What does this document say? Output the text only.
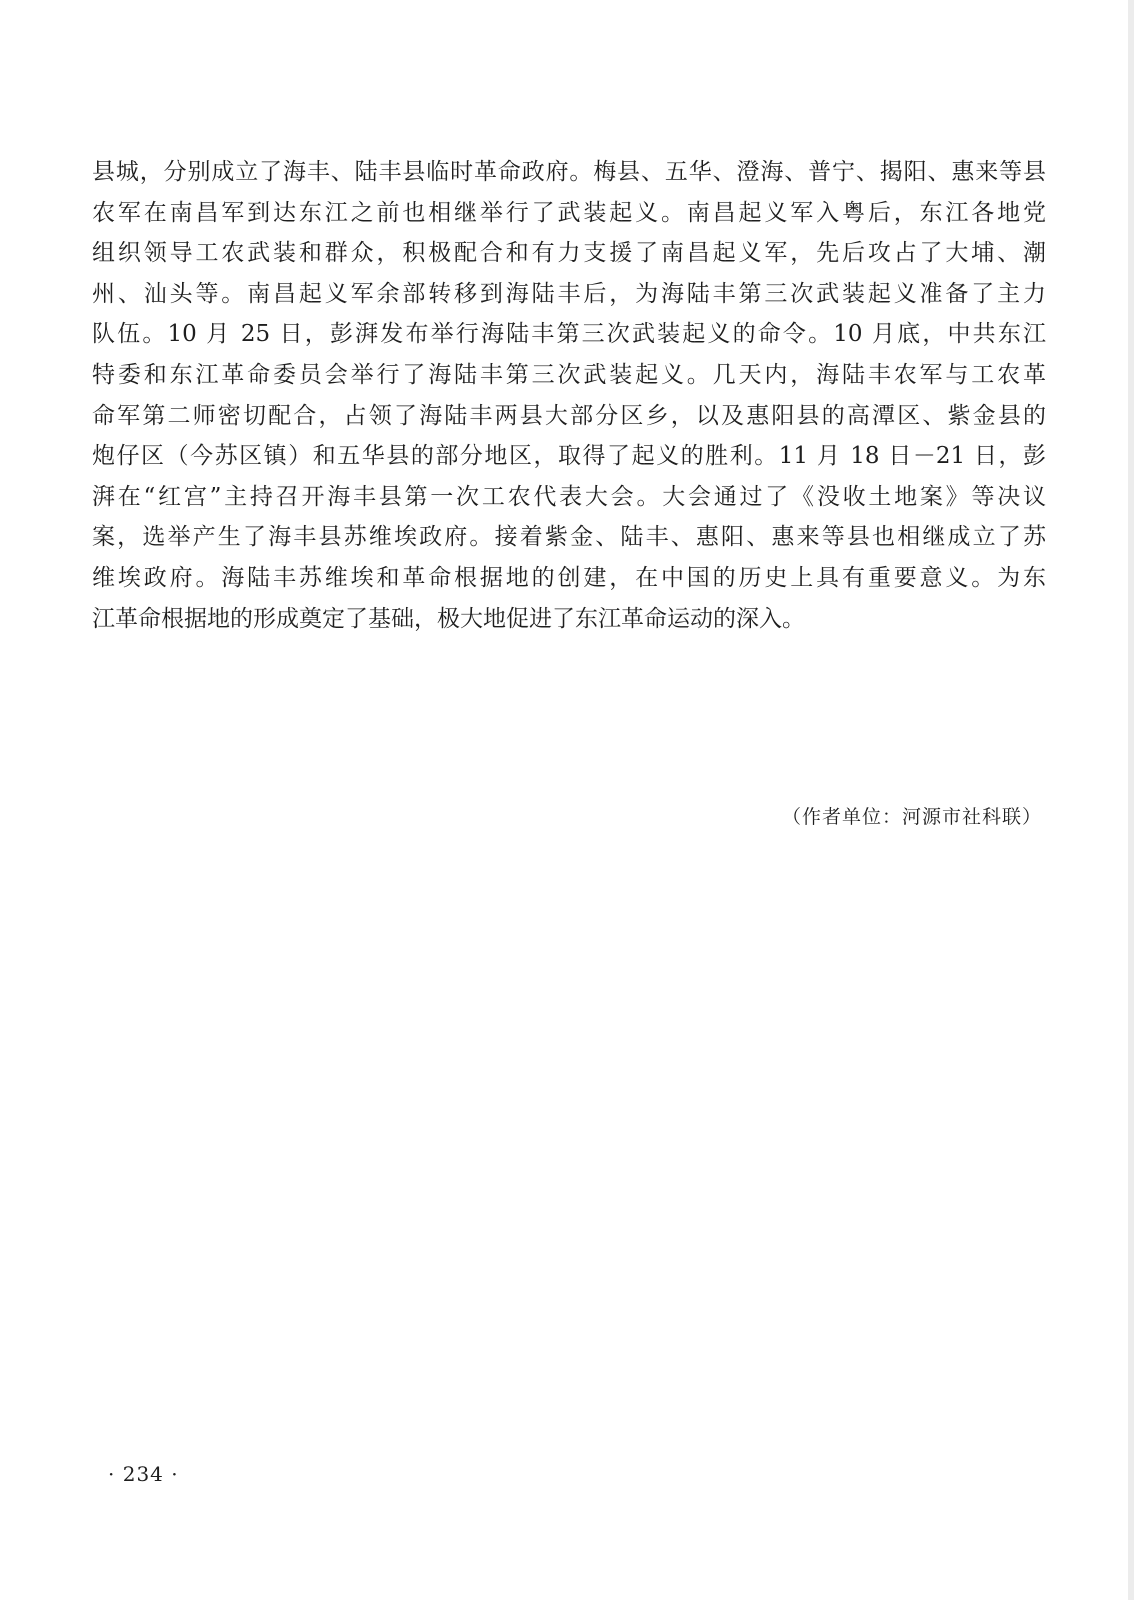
县城，分别成立了海丰、陆丰县临时革命政府。梅县、五华、澄海、普宁、揭阳、惠来等县
农军在南昌军到达东江之前也相继举行了武装起义。南昌起义军入粤后，东江各地党
组织领导工农武装和群众，积极配合和有力支援了南昌起义军，先后攻占了大埔、潮
州、汕头等。南昌起义军余部转移到海陆丰后，为海陆丰第三次武装起义准备了主力
队伍。10 月 25 日，彭湃发布举行海陆丰第三次武装起义的命令。10 月底，中共东江
特委和东江革命委员会举行了海陆丰第三次武装起义。几天内，海陆丰农军与工农革
命军第二师密切配合，占领了海陆丰两县大部分区乡，以及惠阳县的高潭区、紫金县的
炮仔区（今苏区镇）和五华县的部分地区，取得了起义的胜利。11 月 18 日－21 日，彭
湃在“红宫”主持召开海丰县第一次工农代表大会。大会通过了《没收土地案》等决议
案，选举产生了海丰县苏维埃政府。接着紫金、陆丰、惠阳、惠来等县也相继成立了苏
维埃政府。海陆丰苏维埃和革命根据地的创建，在中国的历史上具有重要意义。为东
江革命根据地的形成奠定了基础，极大地促进了东江革命运动的深入。
（作者单位：河源市社科联）
· 234 ·
